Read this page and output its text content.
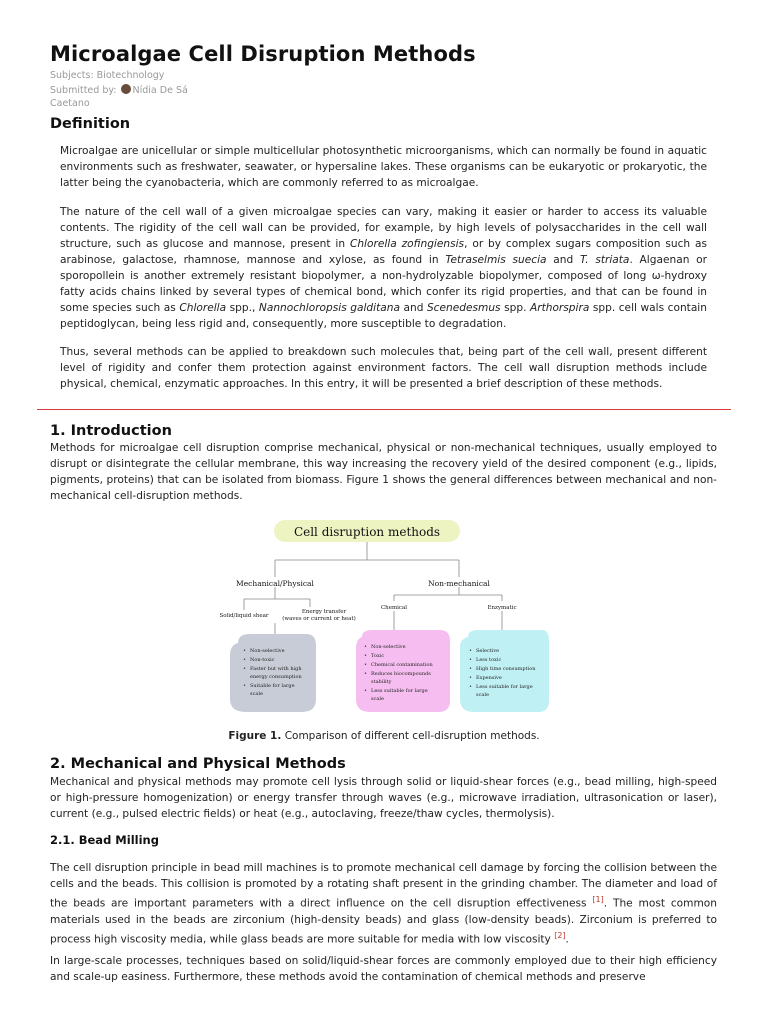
Microalgae Cell Disruption Methods
Subjects: Biotechnology
Submitted by: Nídia De Sá
Caetano
Definition

Microalgae are unicellular or simple multicellular photosynthetic microorganisms, which can normally be found in aquatic environments such as freshwater, seawater, or hypersaline lakes. These organisms can be eukaryotic or prokaryotic, the latter being the cyanobacteria, which are commonly referred to as microalgae.

The nature of the cell wall of a given microalgae species can vary, making it easier or harder to access its valuable contents. The rigidity of the cell wall can be provided, for example, by high levels of polysaccharides in the cell wall structure, such as glucose and mannose, present in Chlorella zofingiensis, or by complex sugars composition such as arabinose, galactose, rhamnose, mannose and xylose, as found in Tetraselmis suecia and T. striata. Algaenan or sporopollein is another extremely resistant biopolymer, a non-hydrolyzable biopolymer, composed of long ω-hydroxy fatty acids chains linked by several types of chemical bond, which confer its rigid properties, and that can be found in some species such as Chlorella spp., Nannochloropsis galditana and Scenedesmus spp. Arthorspira spp. cell wals contain peptidoglycan, being less rigid and, consequently, more susceptible to degradation.

Thus, several methods can be applied to breakdown such molecules that, being part of the cell wall, present different level of rigidity and confer them protection against environment factors. The cell wall disruption methods include physical, chemical, enzymatic approaches. In this entry, it will be presented a brief description of these methods.

1. Introduction

Methods for microalgae cell disruption comprise mechanical, physical or non-mechanical techniques, usually employed to disrupt or disintegrate the cellular membrane, this way increasing the recovery yield of the desired component (e.g., lipids, pigments, proteins) that can be isolated from biomass. Figure 1 shows the general differences between mechanical and non-mechanical cell-disruption methods.

Cell disruption methods
Mechanical/Physical	Non-mechanical
Solid/liquid shear
Energy transfer
(waves or current or heat)
Chemical	Enzymatic
• Non-selective
• Non-toxic
• Faster but with high
energy consumption
• Suitable for large
scale
• Non-selective
• Toxic
• Chemical contamination
• Reduces biocompounds
stability
• Less suitable for large
scale
• Selective
• Less toxic
• High time consumption
• Expensive
• Less suitable for large
scale
Figure 1. Comparison of different cell-disruption methods.
2. Mechanical and Physical Methods

Mechanical and physical methods may promote cell lysis through solid or liquid-shear forces (e.g., bead milling, high-speed or high-pressure homogenization) or energy transfer through waves (e.g., microwave irradiation, ultrasonication or laser), current (e.g., pulsed electric fields) or heat (e.g., autoclaving, freeze/thaw cycles, thermolysis).

2.1. Bead Milling

The cell disruption principle in bead mill machines is to promote mechanical cell damage by forcing the collision between the cells and the beads. This collision is promoted by a rotating shaft present in the grinding chamber. The diameter and load of the beads are important parameters with a direct influence on the cell disruption effectiveness [1]. The most common materials used in the beads are zirconium (high-density beads) and glass (low-density beads). Zirconium is preferred to process high viscosity media, while glass beads are more suitable for media with low viscosity [2].

In large-scale processes, techniques based on solid/liquid-shear forces are commonly employed due to their high efficiency and scale-up easiness. Furthermore, these methods avoid the contamination of chemical methods and preserve
